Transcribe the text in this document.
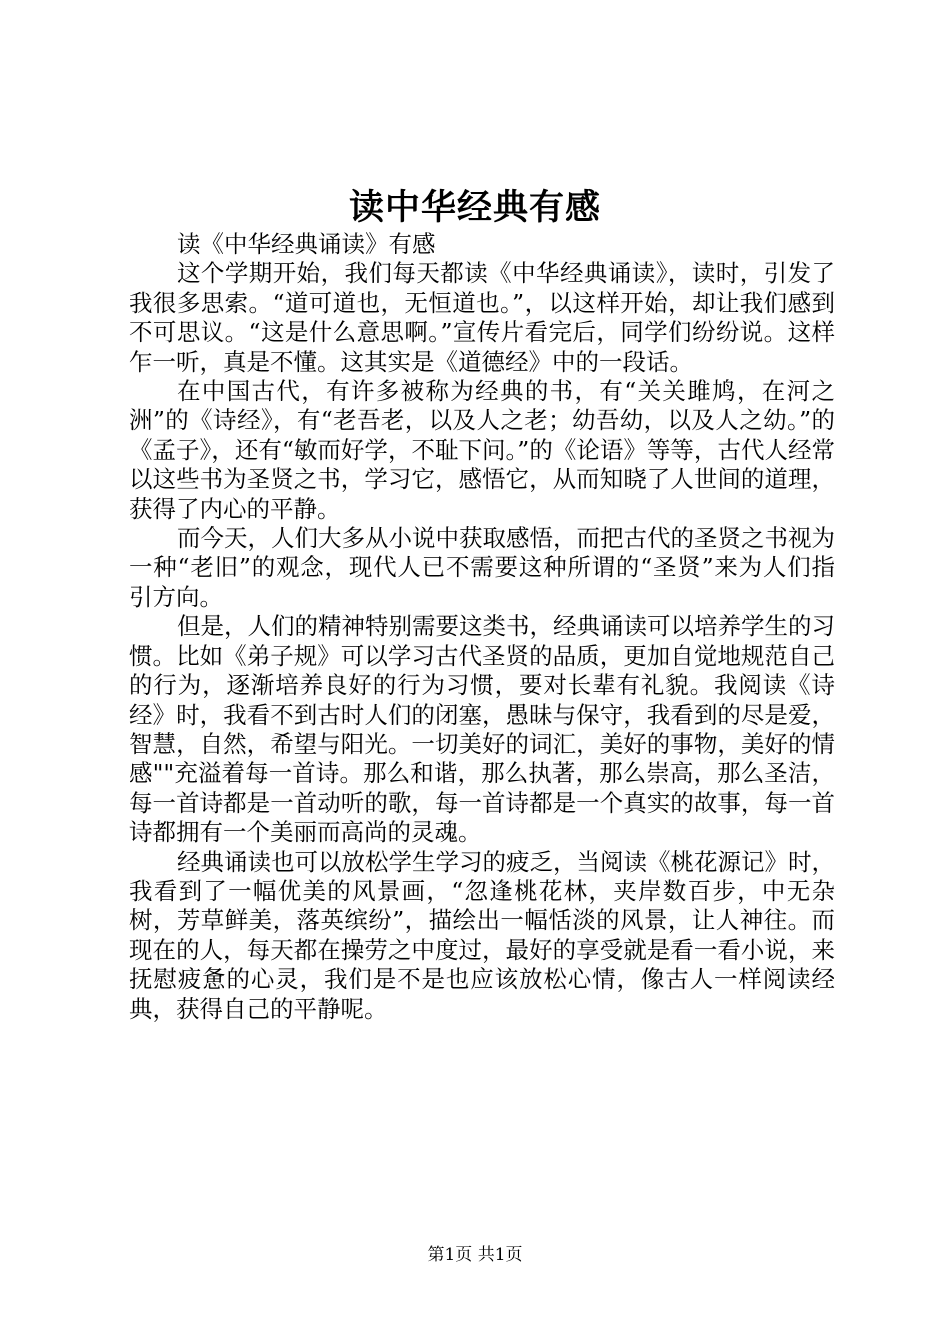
读中华经典有感

读《中华经典诵读》有感

这个学期开始，我们每天都读《中华经典诵读》，读时，引发了我很多思索。“道可道也，无恒道也。”，以这样开始，却让我们感到不可思议。“这是什么意思啊。”宣传片看完后，同学们纷纷说。这样乍一听，真是不懂。这其实是《道德经》中的一段话。

在中国古代，有许多被称为经典的书，有“关关雎鸠，在河之洲”的《诗经》，有“老吾老，以及人之老；幼吾幼，以及人之幼。”的《孟子》，还有“敏而好学，不耻下问。”的《论语》等等，古代人经常以这些书为圣贤之书，学习它，感悟它，从而知晓了人世间的道理，获得了内心的平静。

而今天，人们大多从小说中获取感悟，而把古代的圣贤之书视为一种“老旧”的观念，现代人已不需要这种所谓的“圣贤”来为人们指引方向。

但是，人们的精神特别需要这类书，经典诵读可以培养学生的习惯。比如《弟子规》可以学习古代圣贤的品质，更加自觉地规范自己的行为，逐渐培养良好的行为习惯，要对长辈有礼貌。我阅读《诗经》时，我看不到古时人们的闭塞，愚昧与保守，我看到的尽是爱，智慧，自然，希望与阳光。一切美好的词汇，美好的事物，美好的情感""充溢着每一首诗。那么和谐，那么执著，那么崇高，那么圣洁，每一首诗都是一首动听的歌，每一首诗都是一个真实的故事，每一首诗都拥有一个美丽而高尚的灵魂。

经典诵读也可以放松学生学习的疲乏，当阅读《桃花源记》时，我看到了一幅优美的风景画，“忽逢桃花林，夹岸数百步，中无杂树，芳草鲜美，落英缤纷”，描绘出一幅恬淡的风景，让人神往。而现在的人，每天都在操劳之中度过，最好的享受就是看一看小说，来抚慰疲惫的心灵，我们是不是也应该放松心情，像古人一样阅读经典，获得自己的平静呢。

第1页 共1页
